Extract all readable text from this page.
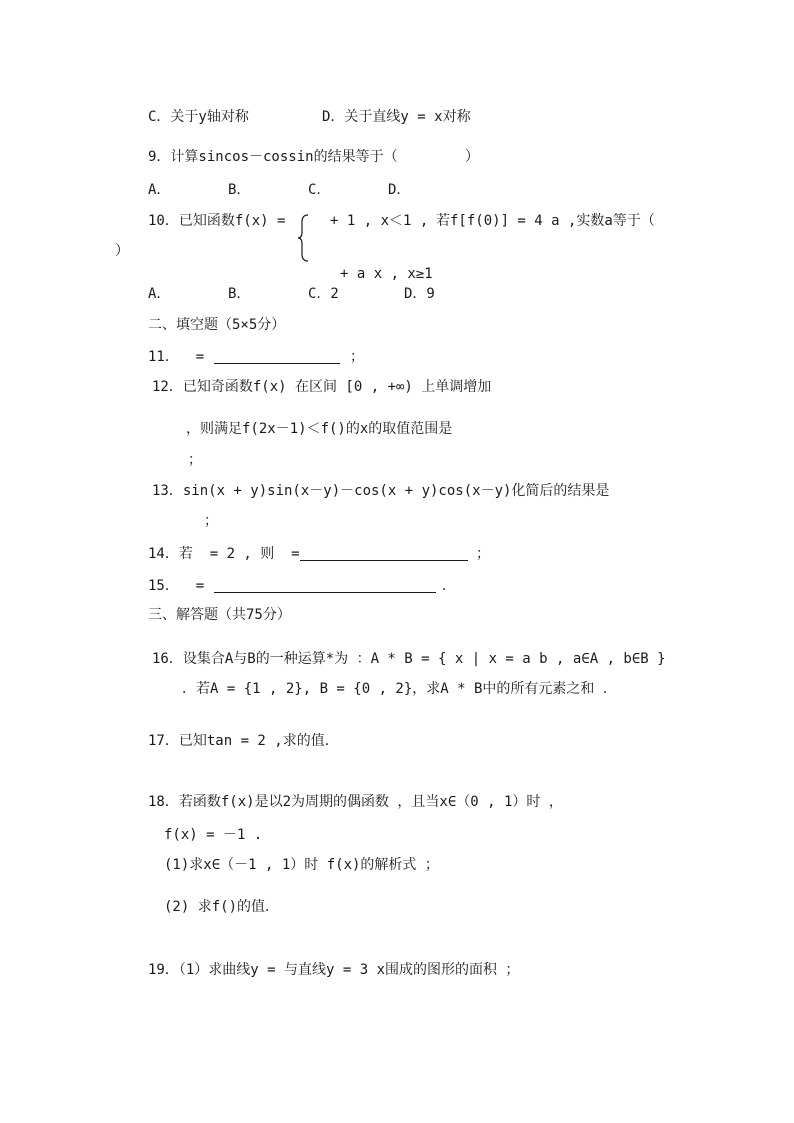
C．关于y轴对称	D．关于直线y = x对称
9．计算sincos－cossin的结果等于（        ）
A．	B．	C．	D．
10．已知函数f(x) =	+ 1 , x＜1 , 若f[f(0)] = 4 a ,实数a等于（
）
+ a x , x≥1
A．	B．	C．2	D．9
二、填空题（5×5分）
11．  =	；
12．已知奇函数f(x) 在区间 [0 , +∞) 上单调增加
，则满足f(2x－1)＜f()的x的取值范围是
；
13．sin(x + y)sin(x－y)－cos(x + y)cos(x－y)化简后的结果是
；
14．若  = 2 , 则  =	；
15．  =	．
三、解答题（共75分）
16．设集合A与B的一种运算*为 ：A * B = { x | x = a b , a∈A , b∈B }
．若A = {1 , 2}, B = {0 , 2}，求A * B中的所有元素之和 ．
17．已知tan = 2 ,求的值．
18．若函数f(x)是以2为周期的偶函数 ，且当x∈（0 , 1）时 ，
f(x) = －1 .
(1)求x∈（－1 , 1）时 f(x)的解析式 ；
(2) 求f()的值．
19．（1）求曲线y = 与直线y = 3 x围成的图形的面积 ；
